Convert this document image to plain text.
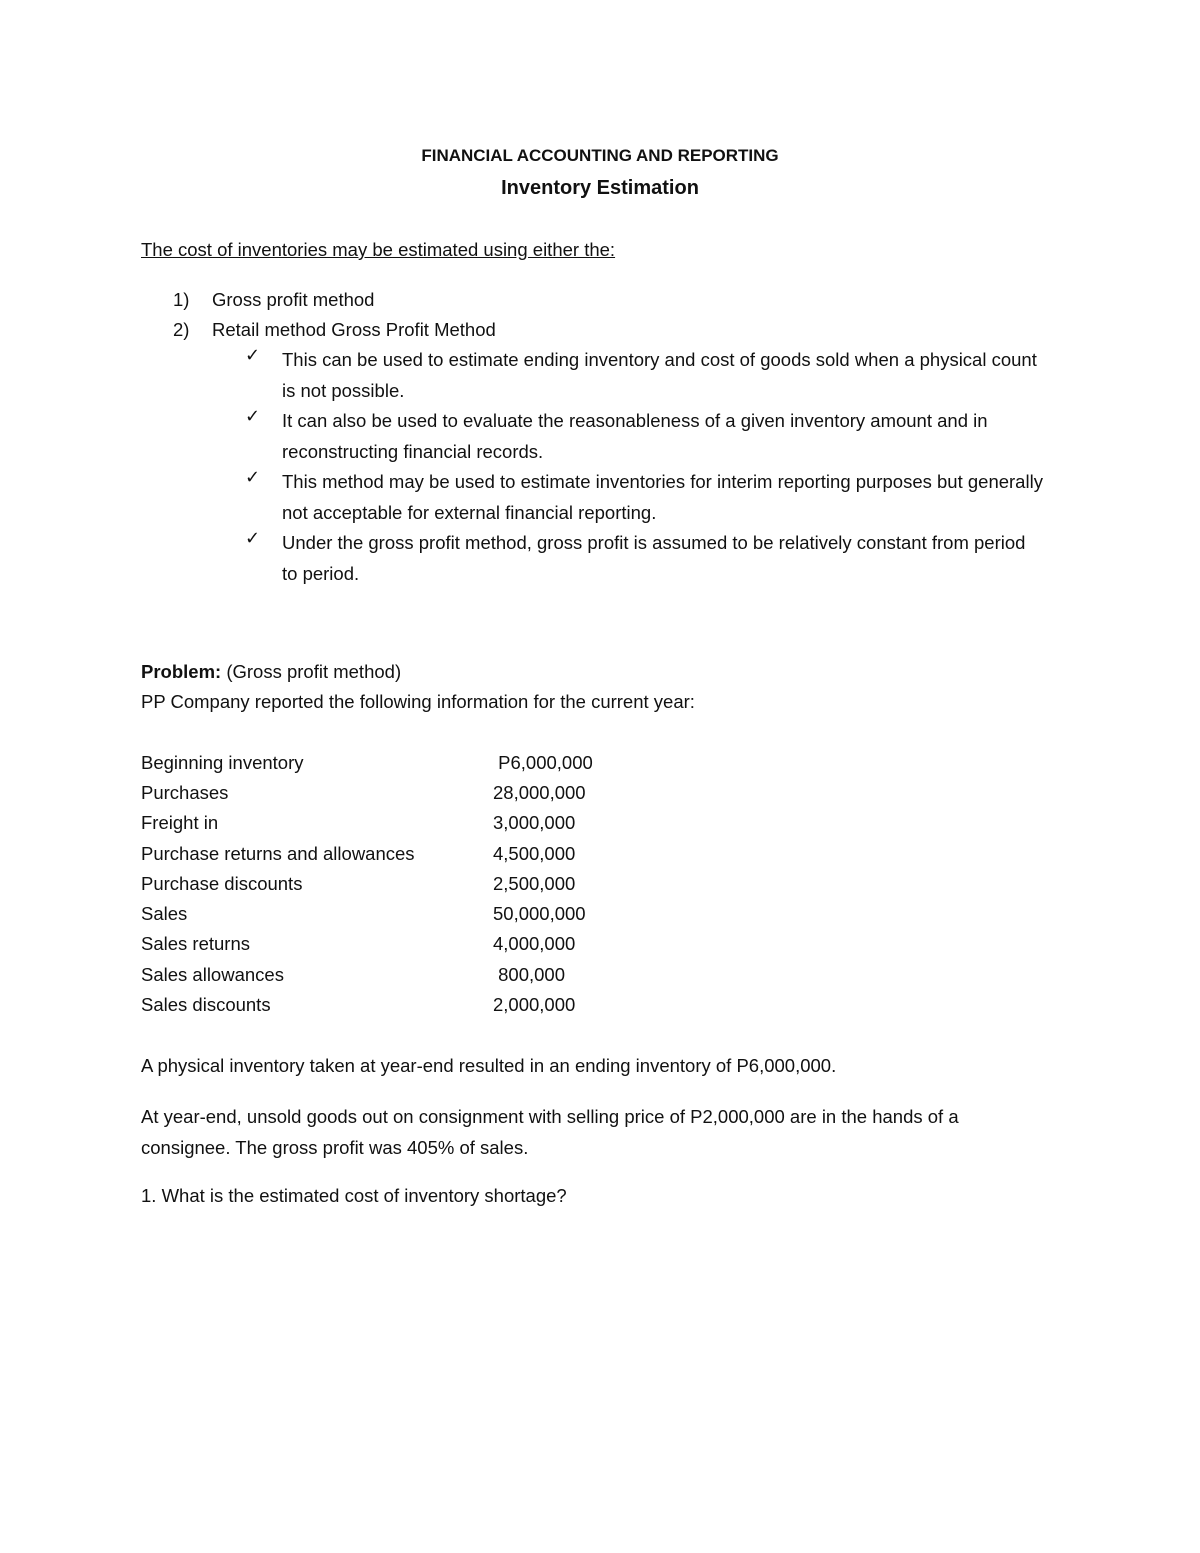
FINANCIAL ACCOUNTING AND REPORTING
Inventory Estimation
The cost of inventories may be estimated using either the:
1) Gross profit method
2) Retail method Gross Profit Method
✓ This can be used to estimate ending inventory and cost of goods sold when a physical count is not possible.
✓ It can also be used to evaluate the reasonableness of a given inventory amount and in reconstructing financial records.
✓ This method may be used to estimate inventories for interim reporting purposes but generally not acceptable for external financial reporting.
✓ Under the gross profit method, gross profit is assumed to be relatively constant from period to period.
Problem: (Gross profit method)
PP Company reported the following information for the current year:
Beginning inventory	P6,000,000
Purchases	28,000,000
Freight in	3,000,000
Purchase returns and allowances	4,500,000
Purchase discounts	2,500,000
Sales	50,000,000
Sales returns	4,000,000
Sales allowances	800,000
Sales discounts	2,000,000
A physical inventory taken at year-end resulted in an ending inventory of P6,000,000.
At year-end, unsold goods out on consignment with selling price of P2,000,000 are in the hands of a consignee. The gross profit was 405% of sales.
1. What is the estimated cost of inventory shortage?
